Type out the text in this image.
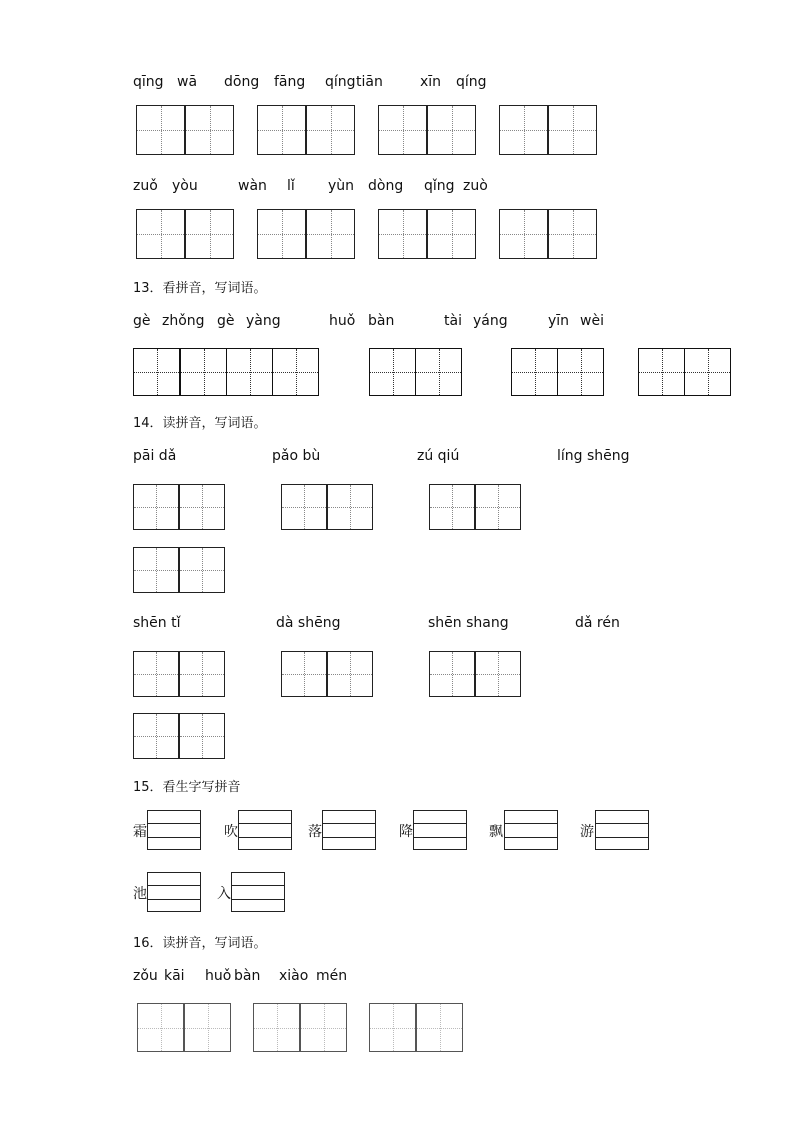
qīng wā dōng fāng qíng tiān	xīn qíng
zuǒ yòu	wàn lǐ yùn dòng qǐng zuò
13．看拼音，写词语。
gè zhǒng gè yàng	huǒ bàn	tài yáng	yīn wèi
14．读拼音，写词语。
pāi dǎ	pǎo bù	zú qiú	líng shēng
shēn tǐ	dà shēng	shēn shang	dǎ rén
15．看生字写拼音
霜	吹	落	降	飘	游
池	入
16．读拼音，写词语。
zǒu kāi huǒ bàn xiào mén
